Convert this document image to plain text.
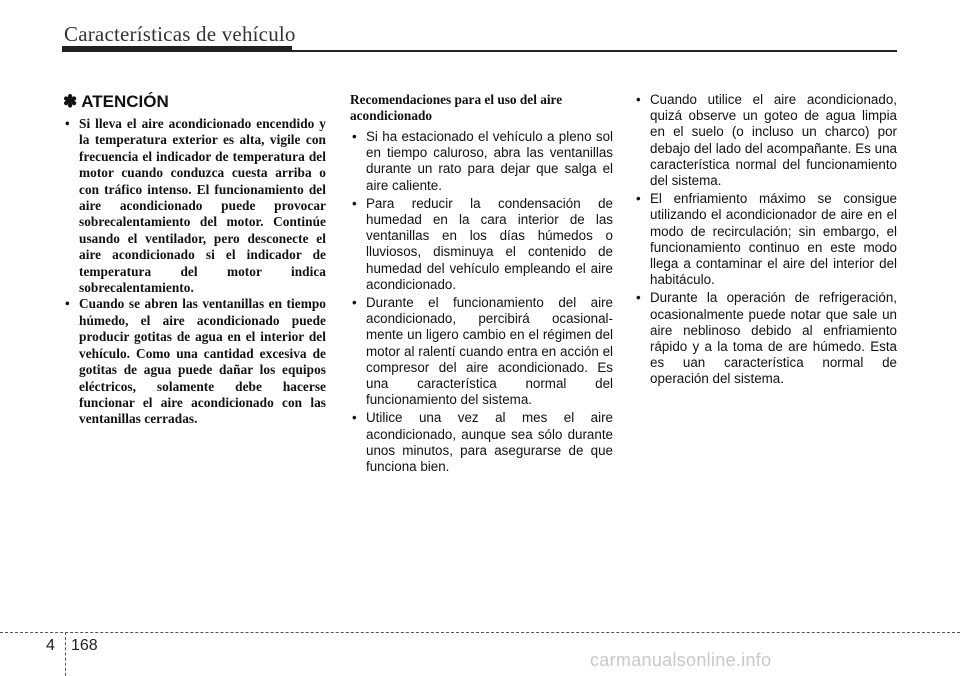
Características de vehículo
✽ ATENCIÓN
• Si lleva el aire acondicionado encendido y la temperatura exterior es alta, vigile con frecuencia el indicador de temperatura del motor cuando conduzca cuesta arriba o con tráfico intenso. El funcionamiento del aire acondicionado puede provocar sobrecalentamiento del motor. Continúe usando el ventilador, pero desconecte el aire acondicionado si el indicador de temperatura del motor indica sobrecalentamiento.
• Cuando se abren las ventanillas en tiempo húmedo, el aire acondicionado puede producir gotitas de agua en el interior del vehículo. Como una cantidad excesiva de gotitas de agua puede dañar los equipos eléctricos, solamente debe hacerse funcionar el aire acondicionado con las ventanillas cerradas.
Recomendaciones para el uso del aire acondicionado
• Si ha estacionado el vehículo a pleno sol en tiempo caluroso, abra las ventanillas durante un rato para dejar que salga el aire caliente.
• Para reducir la condensación de humedad en la cara interior de las ventanillas en los días húmedos o lluviosos, disminuya el contenido de humedad del vehículo empleando el aire acondicionado.
• Durante el funcionamiento del aire acondicionado, percibirá ocasional-mente un ligero cambio en el régimen del motor al ralentí cuando entra en acción el compresor del aire acondicionado. Es una característica normal del funcionamiento del sistema.
• Utilice una vez al mes el aire acondicionado, aunque sea sólo durante unos minutos, para asegurarse de que funciona bien.
• Cuando utilice el aire acondicionado, quizá observe un goteo de agua limpia en el suelo (o incluso un charco) por debajo del lado del acompañante. Es una característica normal del funcionamiento del sistema.
• El enfriamiento máximo se consigue utilizando el acondicionador de aire en el modo de recirculación; sin embargo, el funcionamiento continuo en este modo llega a contaminar el aire del interior del habitáculo.
• Durante la operación de refrigeración, ocasionalmente puede notar que sale un aire neblinoso debido al enfriamiento rápido y a la toma de are húmedo. Esta es uan característica normal de operación del sistema.
4 168
carmanualsonline.info
